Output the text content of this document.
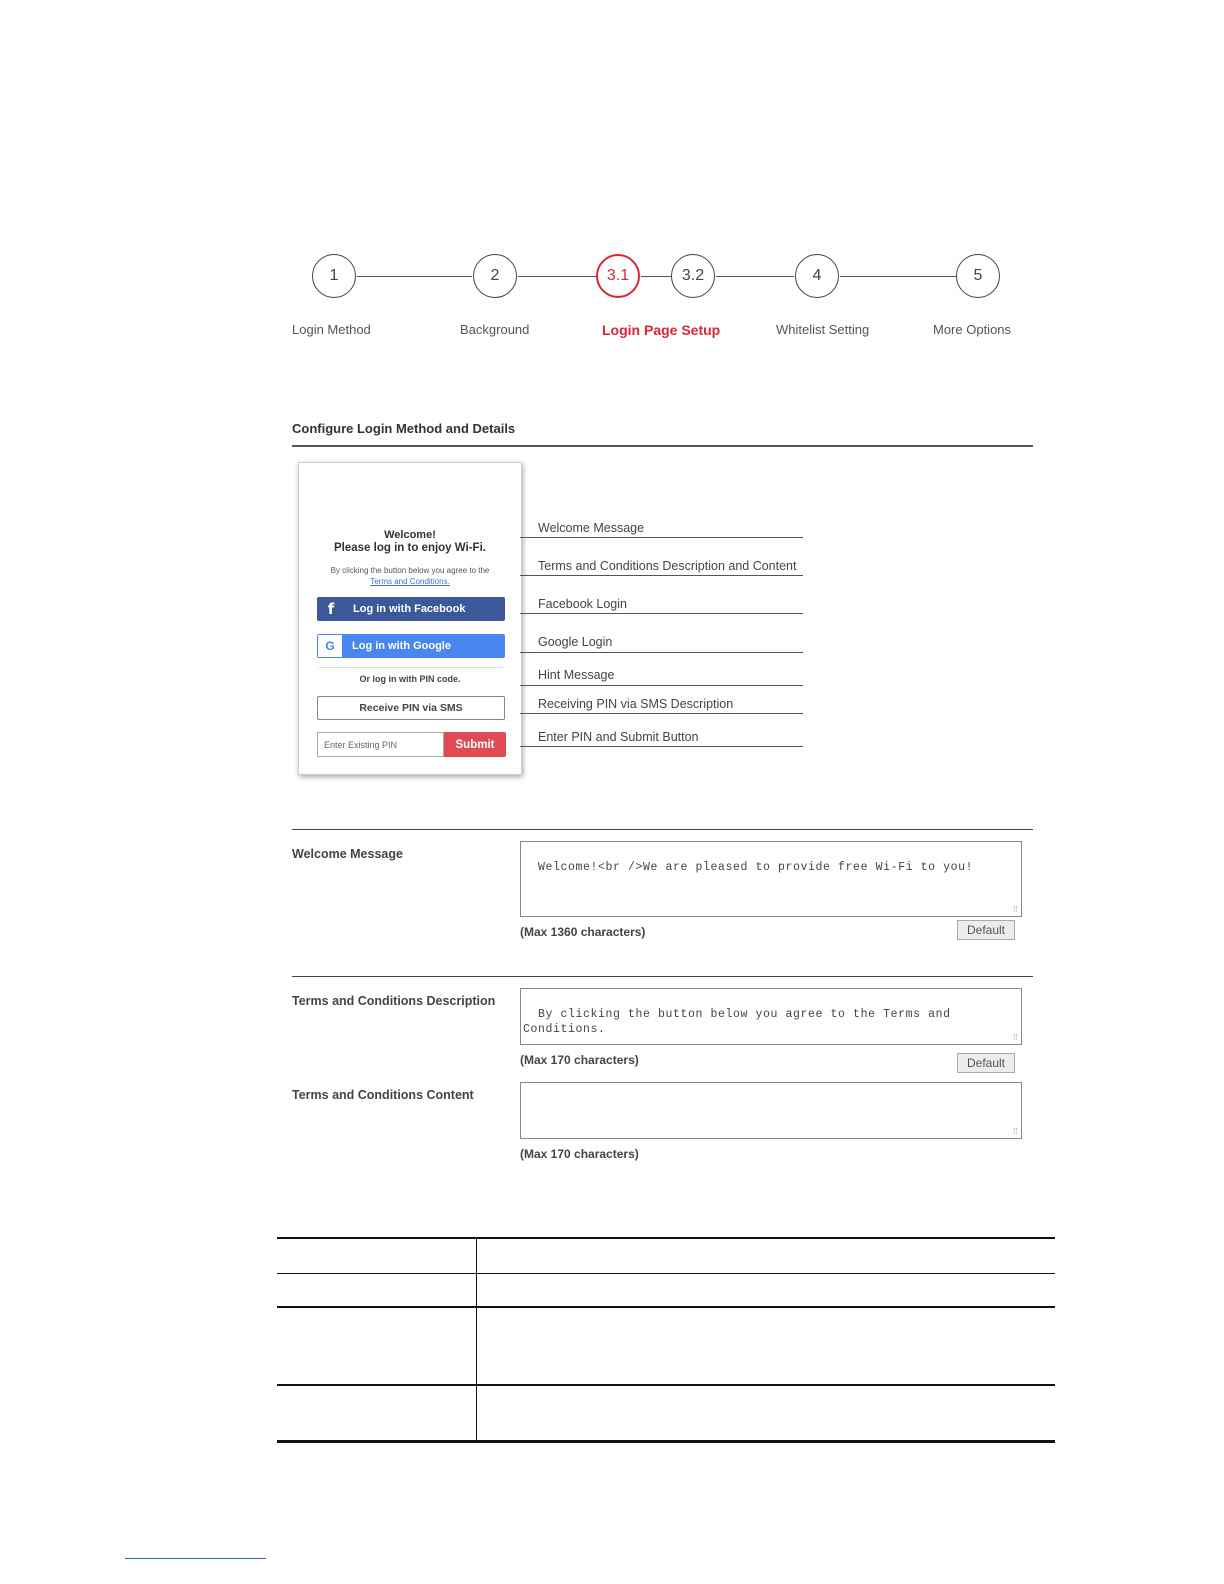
1	2	3.1	3.2	4	5
Login Method	Background	Login Page Setup	Whitelist Setting	More Options
Configure Login Method and Details
Welcome!
Please log in to enjoy Wi-Fi.
By clicking the button below you agree to the
Terms and Conditions.
f	Log in with Facebook
G	Log in with Google
Or log in with PIN code.
Receive PIN via SMS
Enter Existing PIN	Submit
Welcome Message
Terms and Conditions Description and Content
Facebook Login
Google Login
Hint Message
Receiving PIN via SMS Description
Enter PIN and Submit Button
Welcome Message

Welcome!<br />We are pleased to provide free Wi-Fi to you!

⠿

(Max 1360 characters)	Default
Terms and Conditions Description

By clicking the button below you agree to the Terms and Conditions.

⠿

(Max 170 characters)	Default
Terms and Conditions Content

⠿

(Max 170 characters)
